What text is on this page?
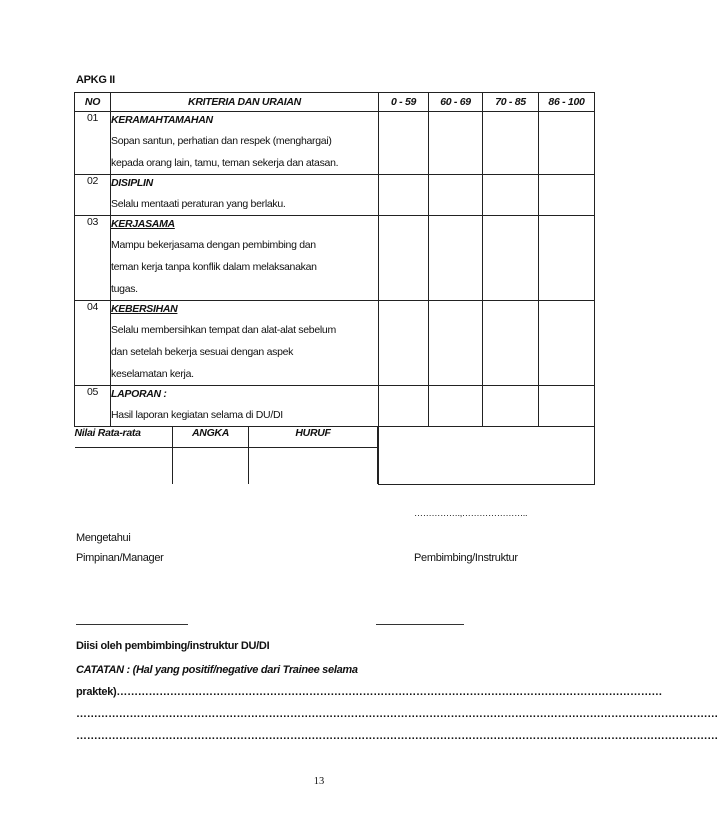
APKG II
NO	KRITERIA DAN URAIAN	0 - 59	60 - 69	70 - 85	86 - 100
01	KERAMAHTAMAHAN
Sopan santun, perhatian dan respek (menghargai)
kepada orang lain, tamu, teman sekerja dan atasan.

02	DISIPLIN
Selalu mentaati peraturan yang berlaku.

03	KERJASAMA
Mampu bekerjasama dengan pembimbing dan
teman kerja tanpa konflik dalam melaksanakan
tugas.

04	KEBERSIHAN
Selalu membersihkan tempat dan alat-alat sebelum
dan setelah bekerja sesuai dengan aspek
keselamatan kerja.

05	LAPORAN :
Hasil laporan kegiatan selama di DU/DI

Nilai Rata-rata	ANGKA	HURUF

…………….,…………………..
Mengetahui
Pimpinan/Manager	Pembimbing/Instruktur
Diisi oleh pembimbing/instruktur DU/DI
CATATAN : (Hal yang positif/negative dari Trainee selama
praktek)………………………………………………………………………………………………………………………………………
………………………………………………………………………………………………………………………………………………………………
………………………………………………………………………………………………………………………………………………………………
13
